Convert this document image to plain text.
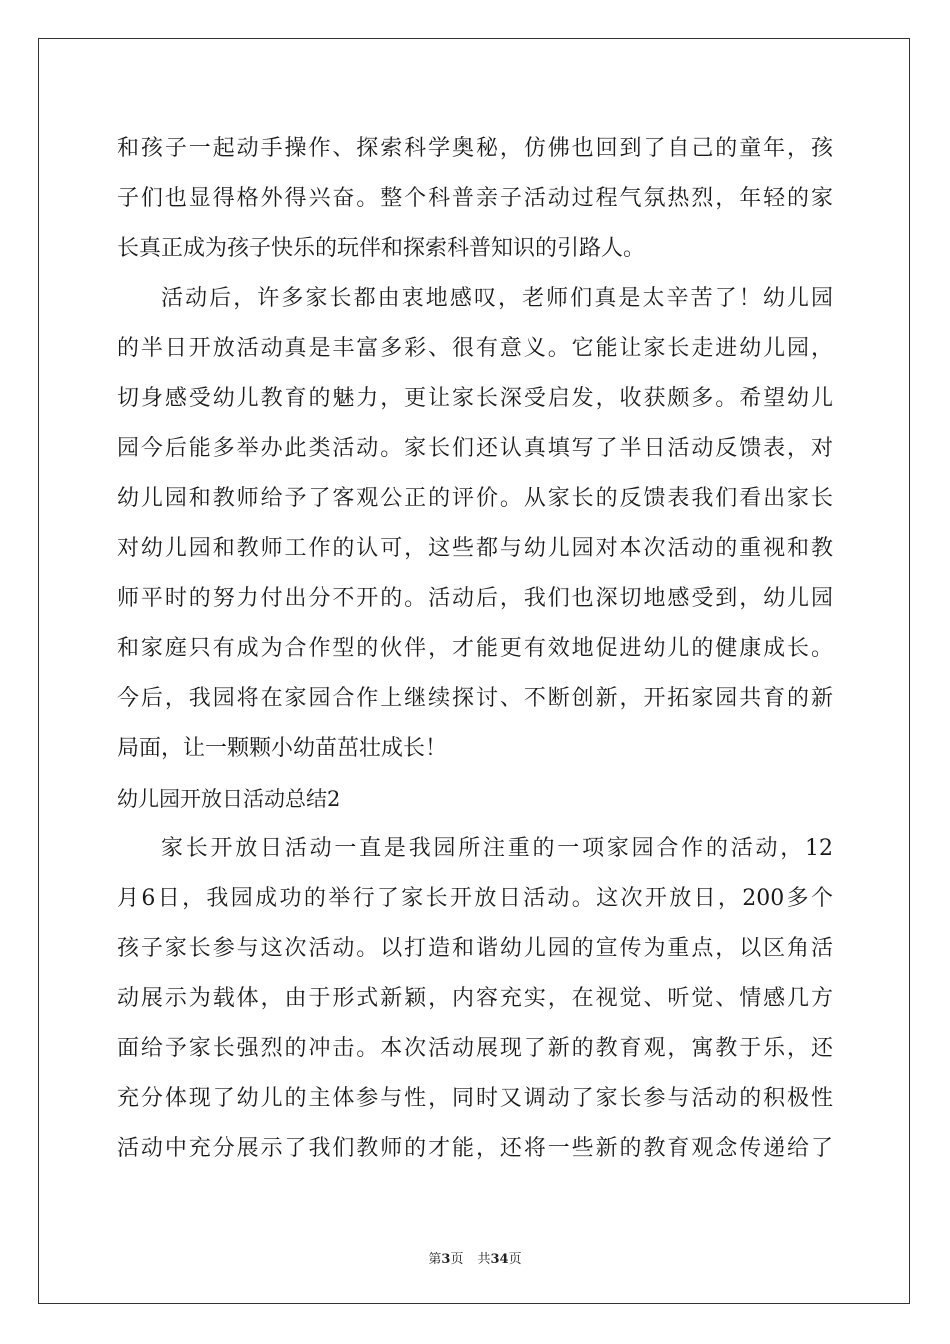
和孩子一起动手操作、探索科学奥秘，仿佛也回到了自己的童年，孩
子们也显得格外得兴奋。整个科普亲子活动过程气氛热烈，年轻的家
长真正成为孩子快乐的玩伴和探索科普知识的引路人。
活动后，许多家长都由衷地感叹，老师们真是太辛苦了！幼儿园
的半日开放活动真是丰富多彩、很有意义。它能让家长走进幼儿园，
切身感受幼儿教育的魅力，更让家长深受启发，收获颇多。希望幼儿
园今后能多举办此类活动。家长们还认真填写了半日活动反馈表，对
幼儿园和教师给予了客观公正的评价。从家长的反馈表我们看出家长
对幼儿园和教师工作的认可，这些都与幼儿园对本次活动的重视和教
师平时的努力付出分不开的。活动后，我们也深切地感受到，幼儿园
和家庭只有成为合作型的伙伴，才能更有效地促进幼儿的健康成长。
今后，我园将在家园合作上继续探讨、不断创新，开拓家园共育的新
局面，让一颗颗小幼苗茁壮成长！
幼儿园开放日活动总结2
家长开放日活动一直是我园所注重的一项家园合作的活动，12
月6日，我园成功的举行了家长开放日活动。这次开放日，200多个
孩子家长参与这次活动。以打造和谐幼儿园的宣传为重点，以区角活
动展示为载体，由于形式新颖，内容充实，在视觉、听觉、情感几方
面给予家长强烈的冲击。本次活动展现了新的教育观，寓教于乐，还
充分体现了幼儿的主体参与性，同时又调动了家长参与活动的积极性
活动中充分展示了我们教师的才能，还将一些新的教育观念传递给了
第3页 共34页
